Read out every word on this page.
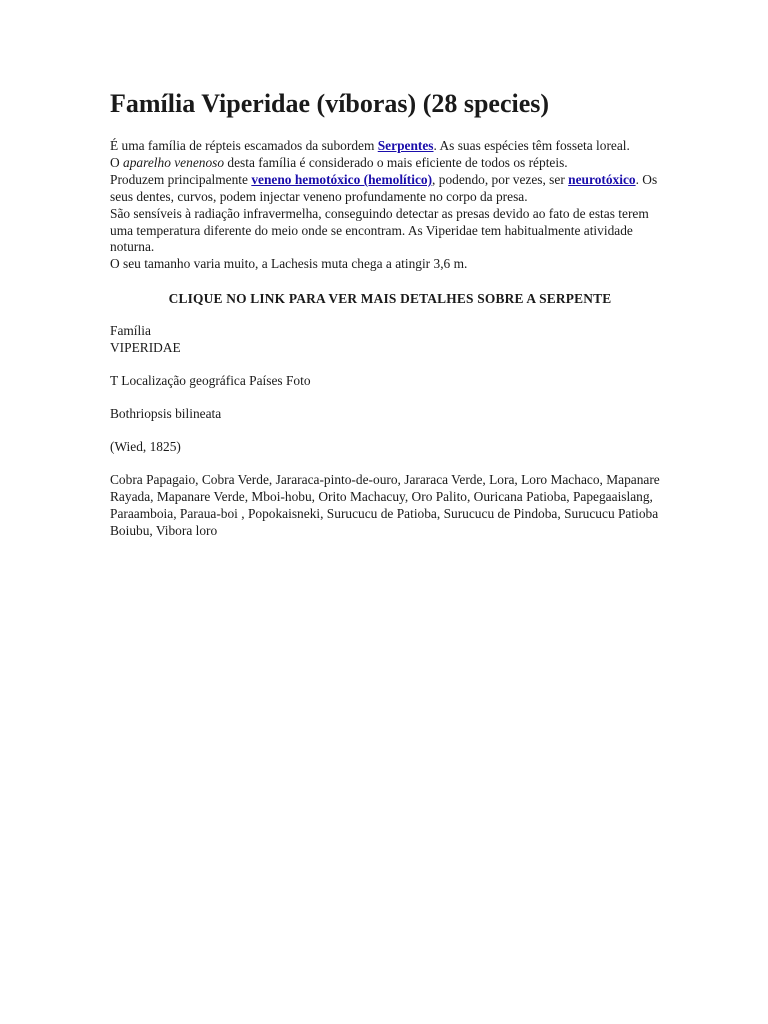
Família Viperidae (víboras) (28 species)

É uma família de répteis escamados da subordem Serpentes. As suas espécies têm fosseta loreal.

O aparelho venenoso desta família é considerado o mais eficiente de todos os répteis.

Produzem principalmente veneno hemotóxico (hemolítico), podendo, por vezes, ser neurotóxico. Os seus dentes, curvos, podem injectar veneno profundamente no corpo da presa.

São sensíveis à radiação infravermelha, conseguindo detectar as presas devido ao fato de estas terem uma temperatura diferente do meio onde se encontram. As Viperidae tem habitualmente atividade noturna.

O seu tamanho varia muito, a Lachesis muta chega a atingir 3,6 m.

CLIQUE NO LINK PARA VER MAIS DETALHES SOBRE A SERPENTE
Família
VIPERIDAE
T Localização geográfica Países Foto
Bothriopsis bilineata
(Wied, 1825)
Cobra Papagaio, Cobra Verde, Jararaca-pinto-de-ouro, Jararaca Verde, Lora, Loro Machaco, Mapanare Rayada, Mapanare Verde, Mboi-hobu, Orito Machacuy, Oro Palito, Ouricana Patioba, Papegaaislang, Paraamboia, Paraua-boi , Popokaisneki, Surucucu de Patioba, Surucucu de Pindoba, Surucucu Patioba Boiubu, Vibora loro
